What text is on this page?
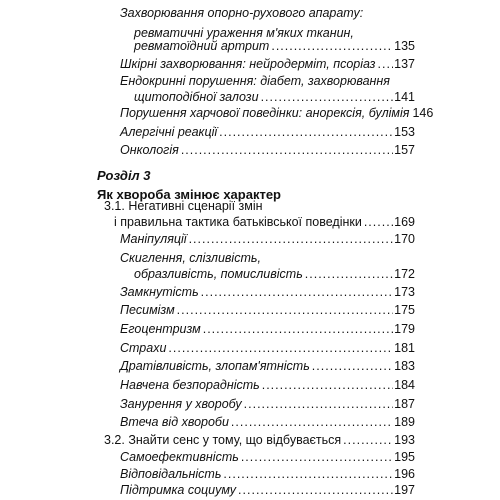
Захворювання опорно-рухового апарату:
ревматичні ураження м'яких тканин,
ревматоїдний артрит .....	135
Шкірні захворювання: нейродерміт, псоріаз ..... 137
Ендокринні порушення: діабет, захворювання
щитоподібної залози .....	141
Порушення харчової поведінки: анорексія, булімія 146
Алергічні реакції .....	153
Онкологія .....	157
Розділ 3
Як хвороба змінює характер
3.1. Негативні сценарії змін
і правильна тактика батьківської поведінки .....	169
Маніпуляції .....	170
Скиглення, слізливість,
образливість, помисливість .....	172
Замкнутість .....	173
Песимізм .....	175
Егоцентризм .....	179
Страхи .....	181
Дратівливість, злопам'ятність .....	183
Навчена безпорадність .....	184
Занурення у хворобу .....	187
Втеча від хвороби .....	189
3.2. Знайти сенс у тому, що відбувається .....	193
Самоефективність .....	195
Відповідальність .....	196
Підтримка социуму .....	197
